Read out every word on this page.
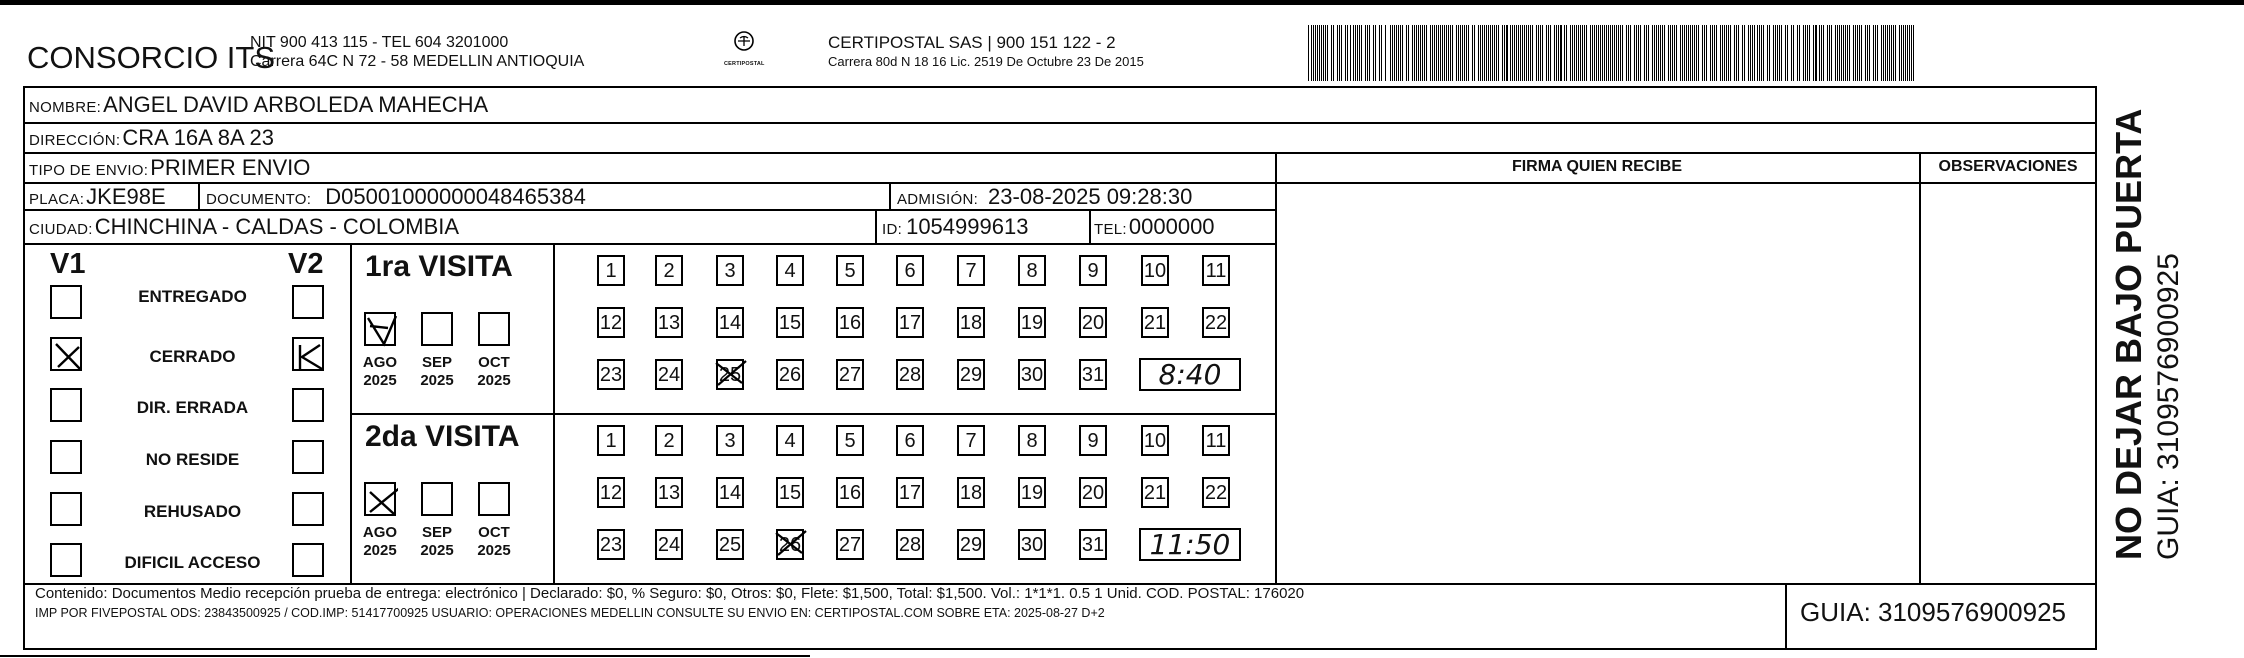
CONSORCIO ITS
NIT 900 413 115 - TEL 604 3201000
Carrera 64C N 72 - 58 MEDELLIN ANTIOQUIA	CERTIPOSTAL
CERTIPOSTAL SAS | 900 151 122 - 2
Carrera 80d N 18 16 Lic. 2519 De Octubre 23 De 2015
NOMBRE: ANGEL DAVID ARBOLEDA MAHECHA
DIRECCIÓN: CRA 16A 8A 23
TIPO DE ENVIO: PRIMER ENVIO	FIRMA QUIEN RECIBE	OBSERVACIONES
PLACA: JKE98E	DOCUMENTO: D05001000000048465384	ADMISIÓN: 23-08-2025 09:28:30
CIUDAD: CHINCHINA - CALDAS - COLOMBIA	ID: 1054999613	TEL: 0000000
V1	V2
ENTREGADO
CERRADO
DIR. ERRADA
NO RESIDE
REHUSADO
DIFICIL ACCESO
1ra VISITA
AGO
2025
SEP
2025
OCT
2025
1	2	3	4	5	6	7	8	9	10 11
12 13 14 15 16 17 18 19 20 21 22
23 24 25 26 27 28 29 30 31	8:40
2da VISITA
AGO
2025
SEP
2025
OCT
2025
1	2	3	4	5	6	7	8	9	10 11
12 13 14 15 16 17 18 19 20 21 22
23 24 25 26 27 28 29 30 31	11:50
Contenido: Documentos Medio recepción prueba de entrega: electrónico | Declarado: $0, % Seguro: $0, Otros: $0, Flete: $1,500, Total: $1,500. Vol.: 1*1*1. 0.5 1 Unid. COD. POSTAL: 176020
IMP POR FIVEPOSTAL ODS: 23843500925 / COD.IMP: 51417700925 USUARIO: OPERACIONES MEDELLIN CONSULTE SU ENVIO EN: CERTIPOSTAL.COM SOBRE ETA: 2025-08-27 D+2	GUIA: 3109576900925
NO DEJAR BAJO PUERTA GUIA: 3109576900925
